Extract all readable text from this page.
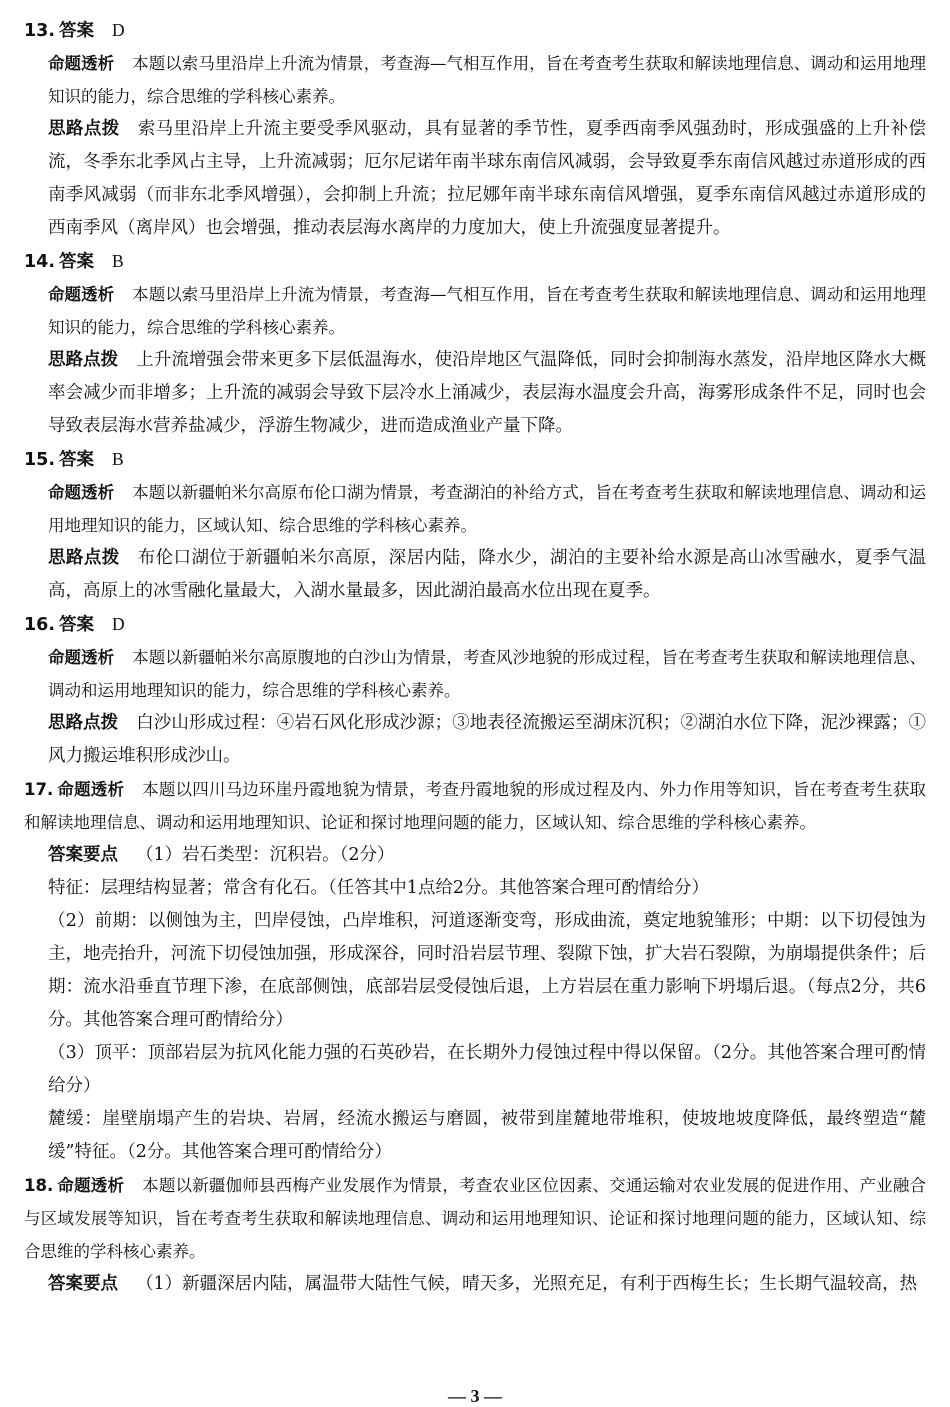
13. 答案 D

命题透析 本题以索马里沿岸上升流为情景，考查海—气相互作用，旨在考查考生获取和解读地理信息、调动和运用地理知识的能力，综合思维的学科核心素养。

思路点拨 索马里沿岸上升流主要受季风驱动，具有显著的季节性，夏季西南季风强劲时，形成强盛的上升补偿流，冬季东北季风占主导，上升流减弱；厄尔尼诺年南半球东南信风减弱，会导致夏季东南信风越过赤道形成的西南季风减弱（而非东北季风增强），会抑制上升流；拉尼娜年南半球东南信风增强，夏季东南信风越过赤道形成的西南季风（离岸风）也会增强，推动表层海水离岸的力度加大，使上升流强度显著提升。

14. 答案 B

命题透析 本题以索马里沿岸上升流为情景，考查海—气相互作用，旨在考查考生获取和解读地理信息、调动和运用地理知识的能力，综合思维的学科核心素养。

思路点拨 上升流增强会带来更多下层低温海水，使沿岸地区气温降低，同时会抑制海水蒸发，沿岸地区降水大概率会减少而非增多；上升流的减弱会导致下层冷水上涌减少，表层海水温度会升高，海雾形成条件不足，同时也会导致表层海水营养盐减少，浮游生物减少，进而造成渔业产量下降。

15. 答案 B

命题透析 本题以新疆帕米尔高原布伦口湖为情景，考查湖泊的补给方式，旨在考查考生获取和解读地理信息、调动和运用地理知识的能力，区域认知、综合思维的学科核心素养。

思路点拨 布伦口湖位于新疆帕米尔高原，深居内陆，降水少，湖泊的主要补给水源是高山冰雪融水，夏季气温高，高原上的冰雪融化量最大，入湖水量最多，因此湖泊最高水位出现在夏季。

16. 答案 D

命题透析 本题以新疆帕米尔高原腹地的白沙山为情景，考查风沙地貌的形成过程，旨在考查考生获取和解读地理信息、调动和运用地理知识的能力，综合思维的学科核心素养。

思路点拨 白沙山形成过程：④岩石风化形成沙源；③地表径流搬运至湖床沉积；②湖泊水位下降，泥沙裸露；①风力搬运堆积形成沙山。

17. 命题透析 本题以四川马边环崖丹霞地貌为情景，考查丹霞地貌的形成过程及内、外力作用等知识，旨在考查考生获取和解读地理信息、调动和运用地理知识、论证和探讨地理问题的能力，区域认知、综合思维的学科核心素养。

答案要点 （1）岩石类型：沉积岩。（2分）

特征：层理结构显著；常含有化石。（任答其中1点给2分。其他答案合理可酌情给分）

（2）前期：以侧蚀为主，凹岸侵蚀，凸岸堆积，河道逐渐变弯，形成曲流，奠定地貌雏形；中期：以下切侵蚀为主，地壳抬升，河流下切侵蚀加强，形成深谷，同时沿岩层节理、裂隙下蚀，扩大岩石裂隙，为崩塌提供条件；后期：流水沿垂直节理下渗，在底部侧蚀，底部岩层受侵蚀后退，上方岩层在重力影响下坍塌后退。（每点2分，共6分。其他答案合理可酌情给分）

（3）顶平：顶部岩层为抗风化能力强的石英砂岩，在长期外力侵蚀过程中得以保留。（2分。其他答案合理可酌情给分）

麓缓：崖壁崩塌产生的岩块、岩屑，经流水搬运与磨圆，被带到崖麓地带堆积，使坡地坡度降低，最终塑造“麓缓”特征。（2分。其他答案合理可酌情给分）

18. 命题透析 本题以新疆伽师县西梅产业发展作为情景，考查农业区位因素、交通运输对农业发展的促进作用、产业融合与区域发展等知识，旨在考查考生获取和解读地理信息、调动和运用地理知识、论证和探讨地理问题的能力，区域认知、综合思维的学科核心素养。

答案要点 （1）新疆深居内陆，属温带大陆性气候，晴天多，光照充足，有利于西梅生长；生长期气温较高，热

— 3 —
